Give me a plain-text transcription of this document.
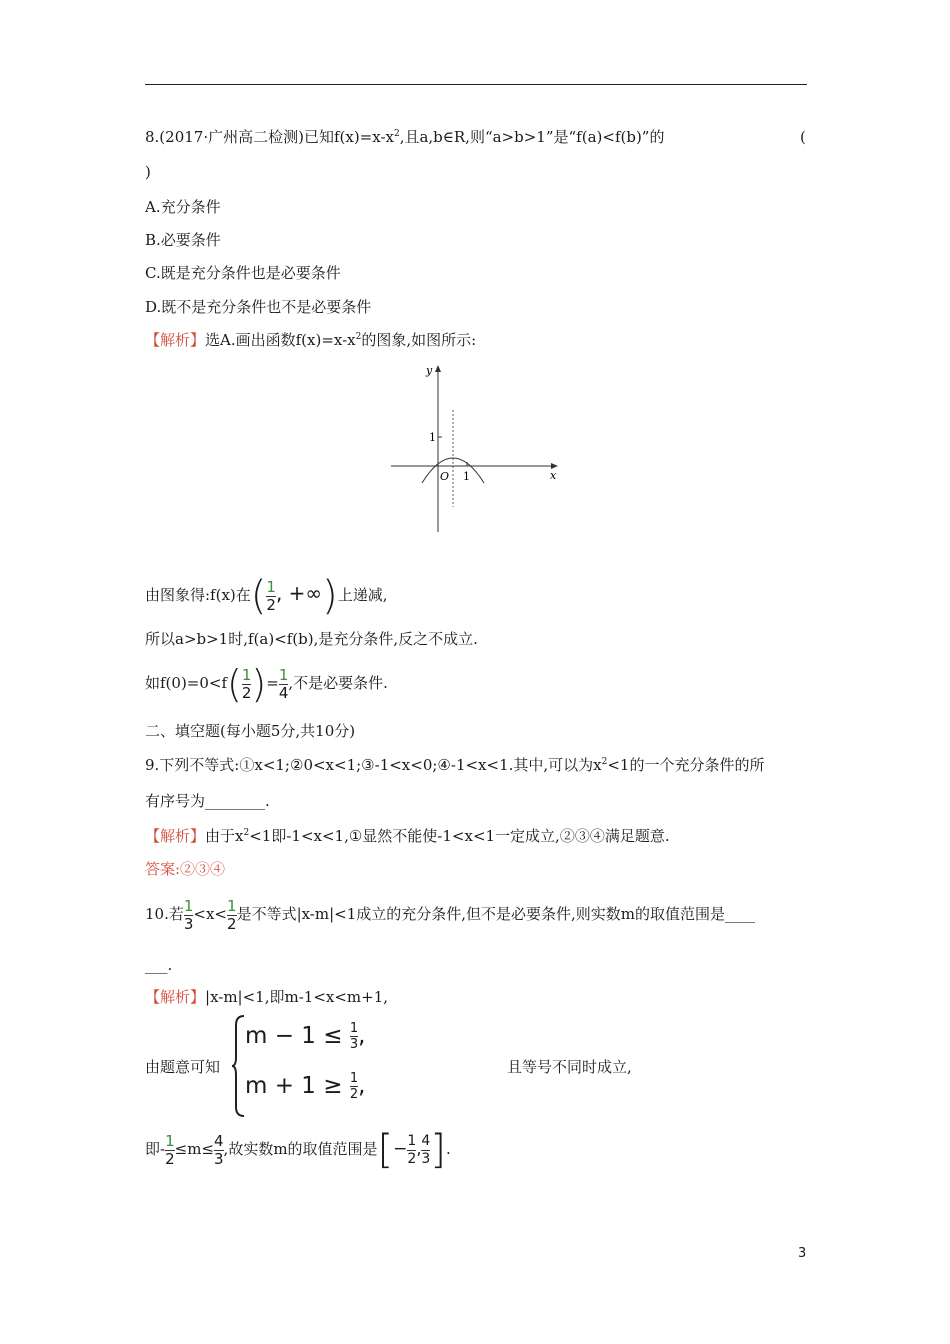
8.(2017·广州高二检测)已知$f(x)=x-x^2$,且a,b∈R,则“a>b>1”是“f(a)<f(b)”的	(
)
A.充分条件
B.必要条件
C.既是充分条件也是必要条件
D.既不是充分条件也不是必要条件
【解析】选A.画出函数$f(x)=x-x^2$的图象,如图所示:
y
x
O 1
1
由图象得:f(x)在( $\frac{1}{2}$ , +∞)上递减,
所以a>b>1时,f(a)<f(b),是充分条件,反之不成立.
如$f(0)=0<f( \frac{1}{2}$ )= $\frac{1}{4}$ ,不是必要条件.
二、填空题(每小题5分,共10分)
9.下列不等式:①x<1;②0<x<1;③-1<x<0;④-1<x<1.其中,可以为$x^2<1$的一个充分条件的所
有序号为________.
【解析】由于$x^2<1$即-1<x<1,①显然不能使-1<x<1一定成立,②③④满足题意.
答案:②③④
10.若 $\frac{1}{3} <x< \frac{1}{2}$ 是不等式|x-m|<1成立的充分条件,但不是必要条件,则实数m的取值范围是____
___.
【解析】|x-m|<1,即m-1<x<m+1,
由题意可知
$m - 1 \le \frac{1}{3}$ ,
$m + 1 \ge \frac{1}{2}$ ,
且等号不同时成立,
即- $\frac{1}{2} \le m\le \frac{4}{3}$ ,故实数m的取值范围是[− $\frac{1}{2}$ , $\frac{4}{3}$ ].
3
